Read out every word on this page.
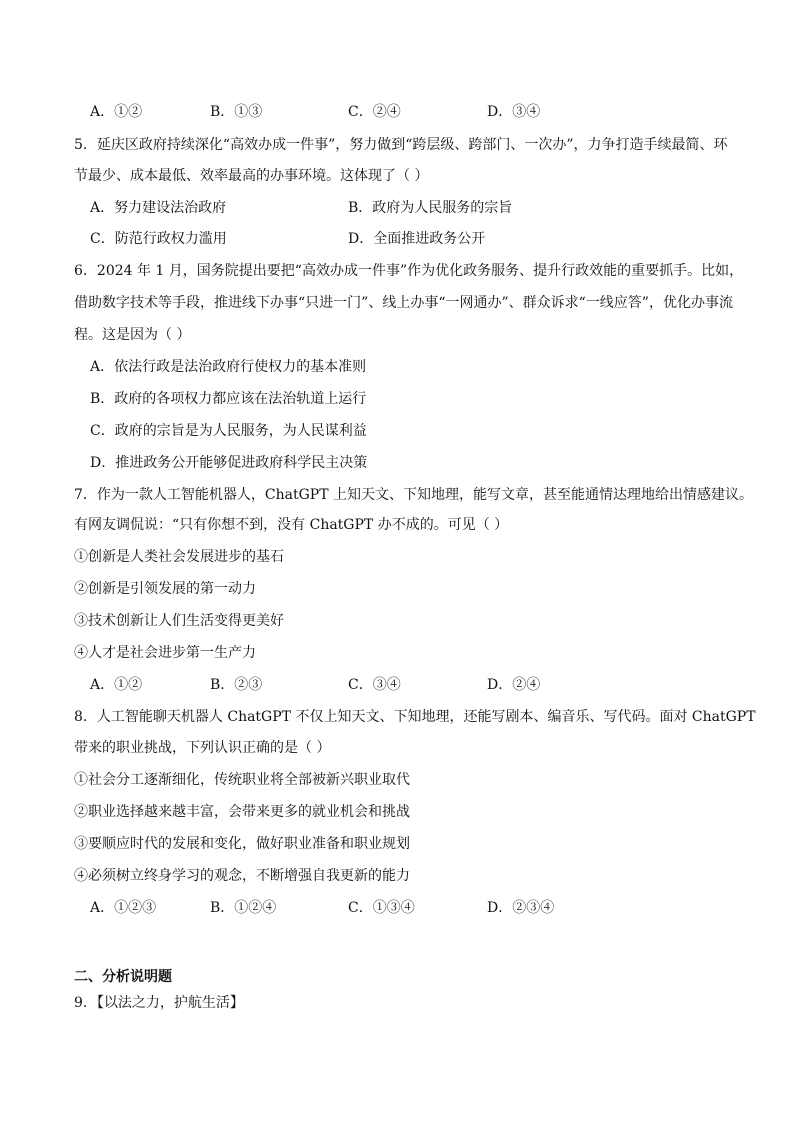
A．①②	B．①③	C．②④	D．③④
5．延庆区政府持续深化“高效办成一件事”，努力做到“跨层级、跨部门、一次办”，力争打造手续最简、环
节最少、成本最低、效率最高的办事环境。这体现了（ ）
A．努力建设法治政府	B．政府为人民服务的宗旨
C．防范行政权力滥用	D．全面推进政务公开
6．2024 年 1 月，国务院提出要把“高效办成一件事”作为优化政务服务、提升行政效能的重要抓手。比如，
借助数字技术等手段，推进线下办事“只进一门”、线上办事“一网通办”、群众诉求“一线应答”，优化办事流
程。这是因为（ ）
A．依法行政是法治政府行使权力的基本准则
B．政府的各项权力都应该在法治轨道上运行
C．政府的宗旨是为人民服务，为人民谋利益
D．推进政务公开能够促进政府科学民主决策
7．作为一款人工智能机器人，ChatGPT 上知天文、下知地理，能写文章，甚至能通情达理地给出情感建议。
有网友调侃说：“只有你想不到，没有 ChatGPT 办不成的。可见（ ）
①创新是人类社会发展进步的基石
②创新是引领发展的第一动力
③技术创新让人们生活变得更美好
④人才是社会进步第一生产力
A．①②	B．②③	C．③④	D．②④
8．人工智能聊天机器人 ChatGPT 不仅上知天文、下知地理，还能写剧本、编音乐、写代码。面对 ChatGPT
带来的职业挑战，下列认识正确的是（ ）
①社会分工逐渐细化，传统职业将全部被新兴职业取代
②职业选择越来越丰富，会带来更多的就业机会和挑战
③要顺应时代的发展和变化，做好职业准备和职业规划
④必须树立终身学习的观念，不断增强自我更新的能力
A．①②③	B．①②④	C．①③④	D．②③④
二、分析说明题
9．【以法之力，护航生活】
